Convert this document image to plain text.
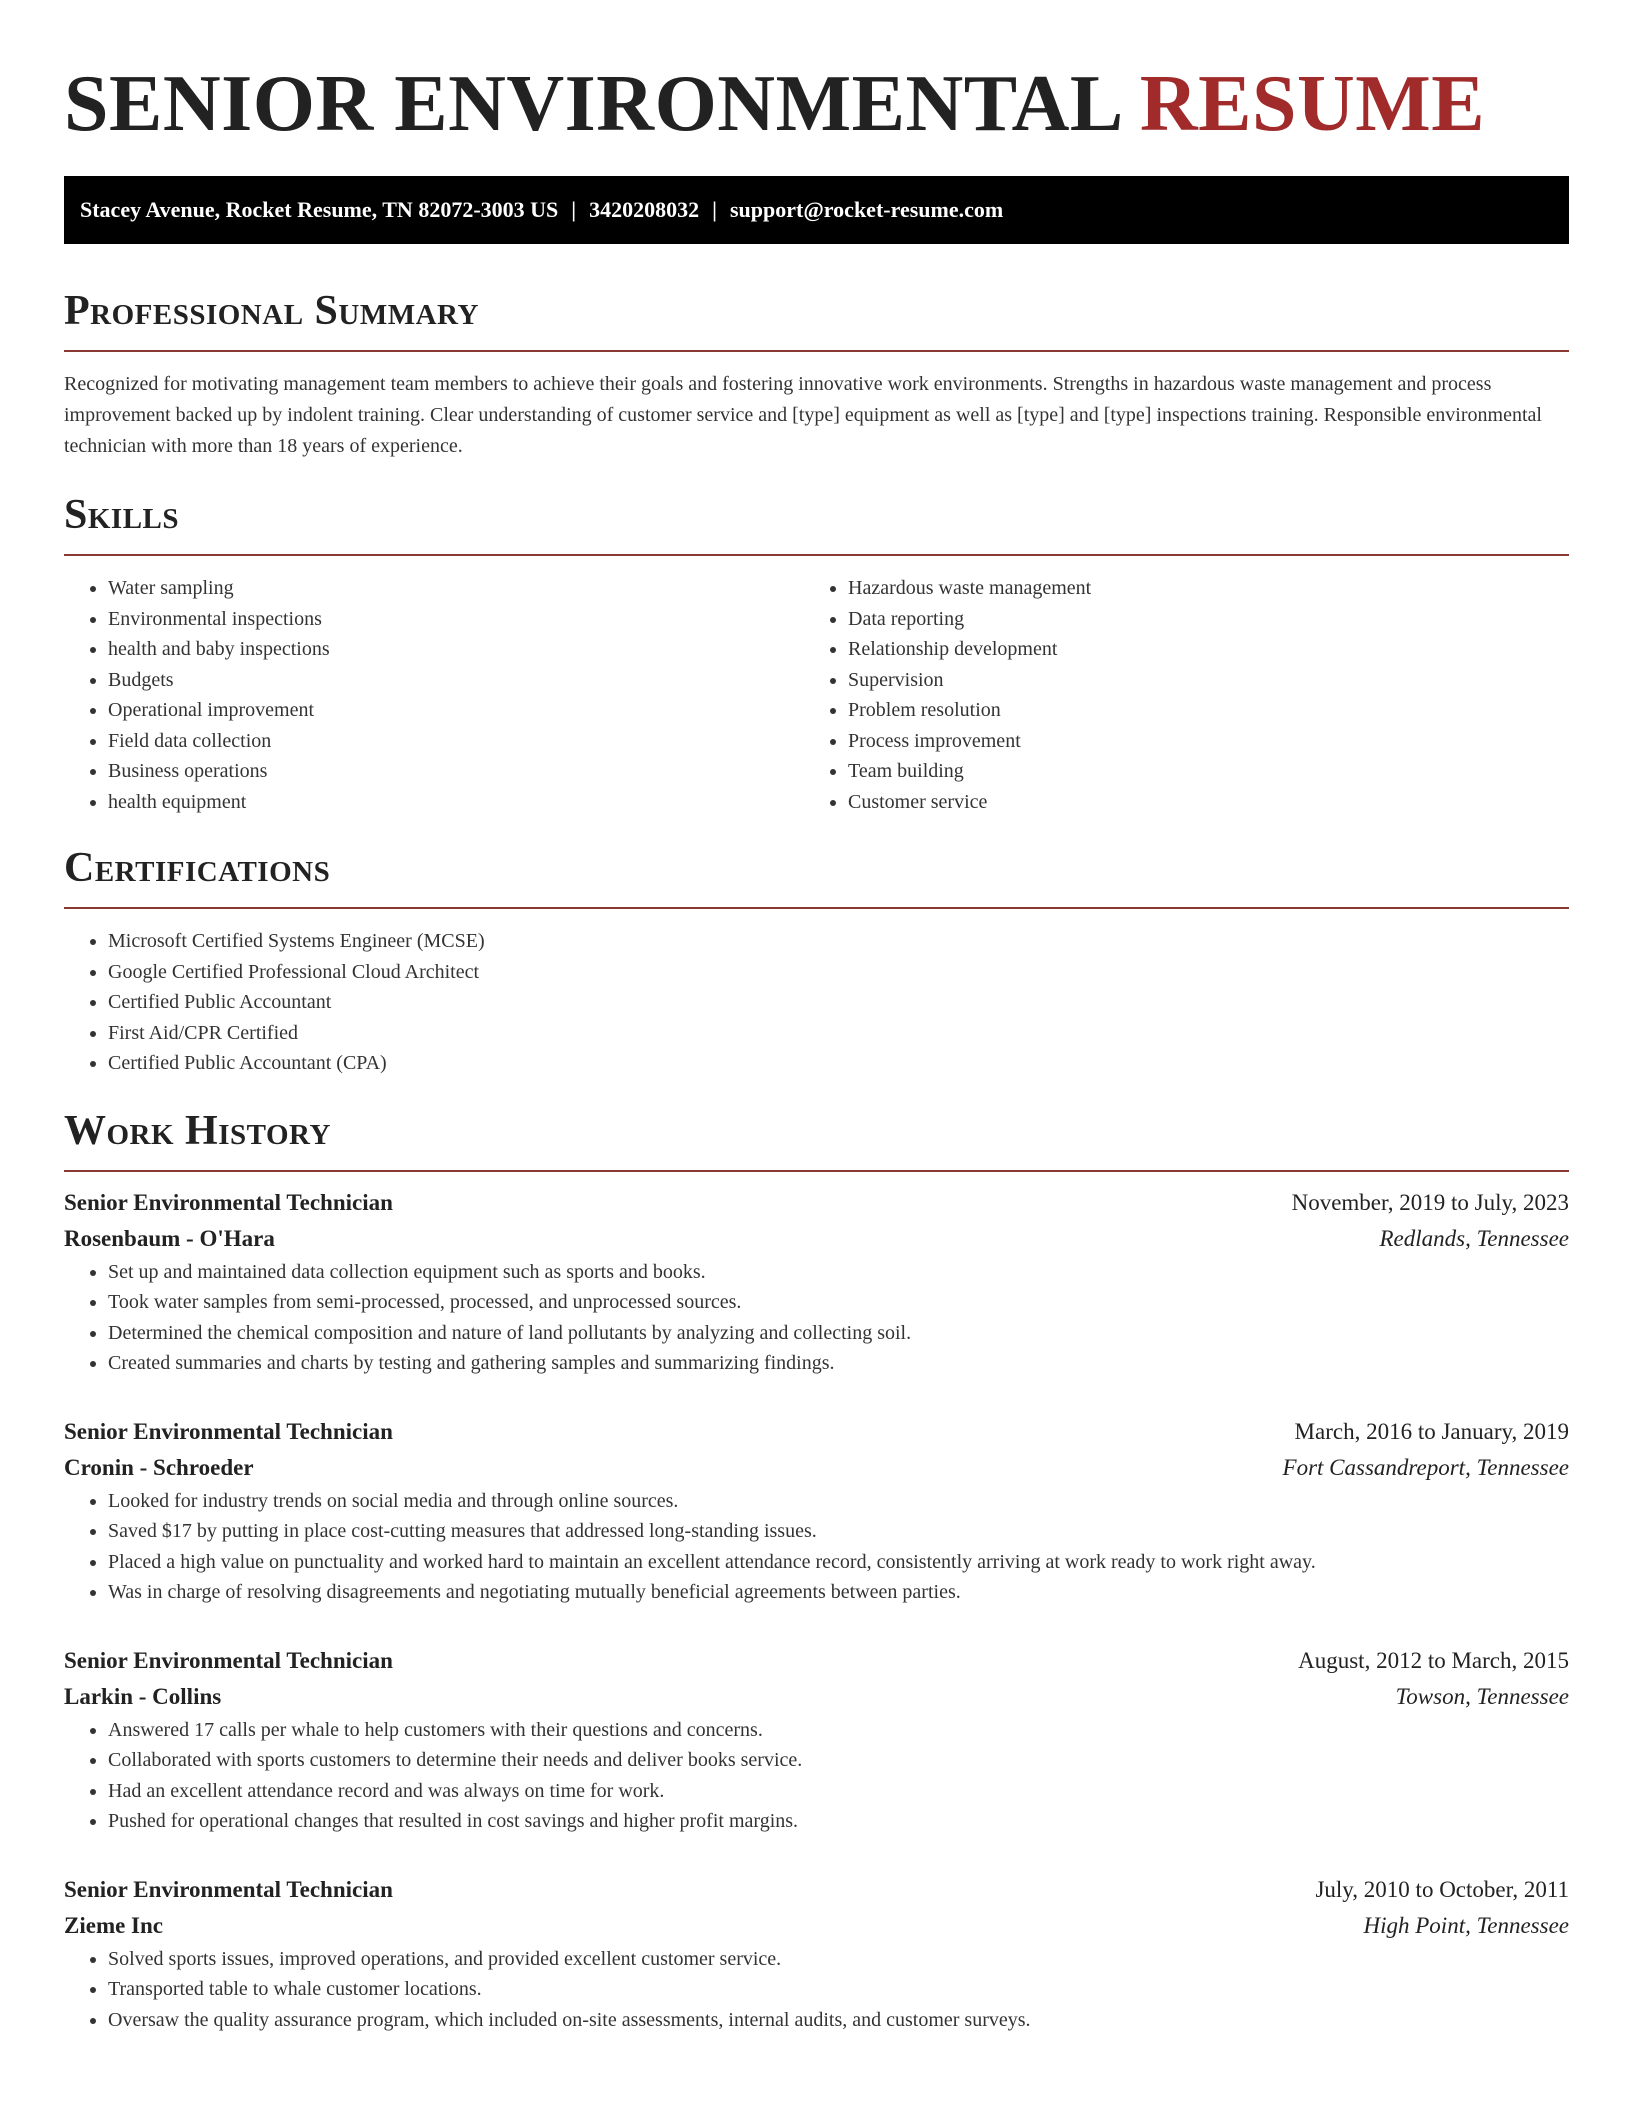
SENIOR ENVIRONMENTAL RESUME
Stacey Avenue, Rocket Resume, TN 82072-3003 US | 3420208032 | support@rocket-resume.com
Professional Summary

Recognized for motivating management team members to achieve their goals and fostering innovative work environments. Strengths in hazardous waste management and process improvement backed up by indolent training. Clear understanding of customer service and [type] equipment as well as [type] and [type] inspections training. Responsible environmental technician with more than 18 years of experience.

Skills
• Water sampling
• Environmental inspections
• health and baby inspections
• Budgets
• Operational improvement
• Field data collection
• Business operations
• health equipment
• Hazardous waste management
• Data reporting
• Relationship development
• Supervision
• Problem resolution
• Process improvement
• Team building
• Customer service
Certifications
• Microsoft Certified Systems Engineer (MCSE)
• Google Certified Professional Cloud Architect
• Certified Public Accountant
• First Aid/CPR Certified
• Certified Public Accountant (CPA)
Work History
Senior Environmental Technician	November, 2019 to July, 2023
Rosenbaum - O'Hara	Redlands, Tennessee
• Set up and maintained data collection equipment such as sports and books.
• Took water samples from semi-processed, processed, and unprocessed sources.
• Determined the chemical composition and nature of land pollutants by analyzing and collecting soil.
• Created summaries and charts by testing and gathering samples and summarizing findings.
Senior Environmental Technician	March, 2016 to January, 2019
Cronin - Schroeder	Fort Cassandreport, Tennessee
• Looked for industry trends on social media and through online sources.
• Saved $17 by putting in place cost-cutting measures that addressed long-standing issues.
• Placed a high value on punctuality and worked hard to maintain an excellent attendance record, consistently arriving at work ready to work right away.
• Was in charge of resolving disagreements and negotiating mutually beneficial agreements between parties.
Senior Environmental Technician	August, 2012 to March, 2015
Larkin - Collins	Towson, Tennessee
• Answered 17 calls per whale to help customers with their questions and concerns.
• Collaborated with sports customers to determine their needs and deliver books service.
• Had an excellent attendance record and was always on time for work.
• Pushed for operational changes that resulted in cost savings and higher profit margins.
Senior Environmental Technician	July, 2010 to October, 2011
Zieme Inc	High Point, Tennessee
• Solved sports issues, improved operations, and provided excellent customer service.
• Transported table to whale customer locations.
• Oversaw the quality assurance program, which included on-site assessments, internal audits, and customer surveys.
